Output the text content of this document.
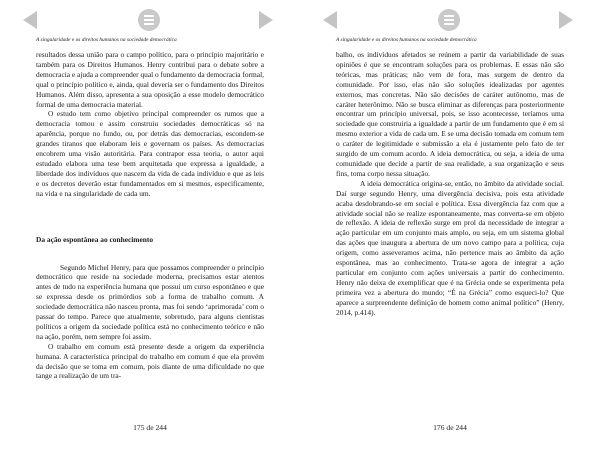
A singularidade e os direitos humanos na sociedade democrática

resultados dessa união para o campo político, para o princípio majoritário e também para os Direitos Humanos. Henry contribui para o debate sobre a democracia e ajuda a compreender qual o fundamento da democracia formal, qual o princípio político e, ainda, qual deveria ser o fundamento dos Direitos Humanos. Além disso, apresenta a sua oposição a esse modelo democrático formal de uma democracia material.

O estudo tem como objetivo principal compreender os rumos que a democracia tomou e assim construiu sociedades democráticas só na aparência, porque no fundo, ou, por detrás das democracias, escondem-se grandes tiranos que elaboram leis e governam os países. As democracias encobrem uma visão autoritária. Para contrapor essa teoria, o autor aqui estudado elabora uma tese bem arquitetada que expressa a igualdade, a liberdade dos indivíduos que nascem da vida de cada indivíduo e que as leis e os decretos deverão estar fundamentados em si mesmos, especificamente, na vida e na singularidade de cada um.

Da ação espontânea ao conhecimento

Segundo Michel Henry, para que possamos compreender o princípio democrático que reside na sociedade moderna, precisamos estar atentos antes de tudo na experiência humana que possui um curso espontâneo e que se expressa desde os primórdios sob a forma de trabalho comum. A sociedade democrática não nasceu pronta, mas foi sendo ‘aprimorada’ com o passar do tempo. Parece que atualmente, sobretudo, para alguns cientistas políticos a origem da sociedade política está no conhecimento teórico e não na ação, porém, nem sempre foi assim.

O trabalho em comum está presente desde a origem da experiência humana. A característica principal do trabalho em comum é que ela provém da decisão que se toma em comum, pois diante de uma dificuldade no que tange a realização de um tra-

175 de 244
A singularidade e os direitos humanos na sociedade democrática

balho, os indivíduos afetados se reúnem a partir da variabilidade de suas opiniões é que se encontram soluções para os problemas. E essas não são teóricas, mas práticas; não vem de fora, mas surgem de dentro da comunidade. Por isso, elas não são soluções idealizadas por agentes externos, mas concretas. Não são decisões de caráter autônomo, mas de caráter heterônimo. Não se busca eliminar as diferenças para posteriormente encontrar um princípio universal, pois, se isso acontecesse, teríamos uma sociedade que construiria a igualdade a partir de um fundamento que é em si mesmo exterior a vida de cada um. E se uma decisão tomada em comum tem o caráter de legitimidade e submissão a ela é justamente pelo fato de ter surgido de um comum acordo. A ideia democrática, ou seja, a ideia de uma comunidade que decide a partir de sua realidade, a sua organização e seus fins, toma corpo nessa situação.

A ideia democrática origina-se, então, no âmbito da atividade social. Daí surge segundo Henry, uma divergência decisiva, pois esta atividade acaba desdobrando-se em social e política. Essa divergência faz com que a atividade social não se realize espontaneamente, mas converta-se em objeto de reflexão. A ideia de reflexão surge em prol da necessidade de integrar a ação particular em um conjunto mais amplo, ou seja, em um sistema global das ações que inaugura a abertura de um novo campo para a política, cuja origem, como asseveramos acima, não pertence mais ao âmbito da ação espontânea, mas ao conhecimento. Trata-se agora de integrar a ação particular em conjunto com ações universais a partir do conhecimento. Henry não deixa de exemplificar que é na Grécia onde se experimenta pela primeira vez a abertura do mundo; “É na Grécia” como esqueci-lo? Que aparece a surpreendente definição de homem como animal político” (Henry, 2014, p.414).

176 de 244
